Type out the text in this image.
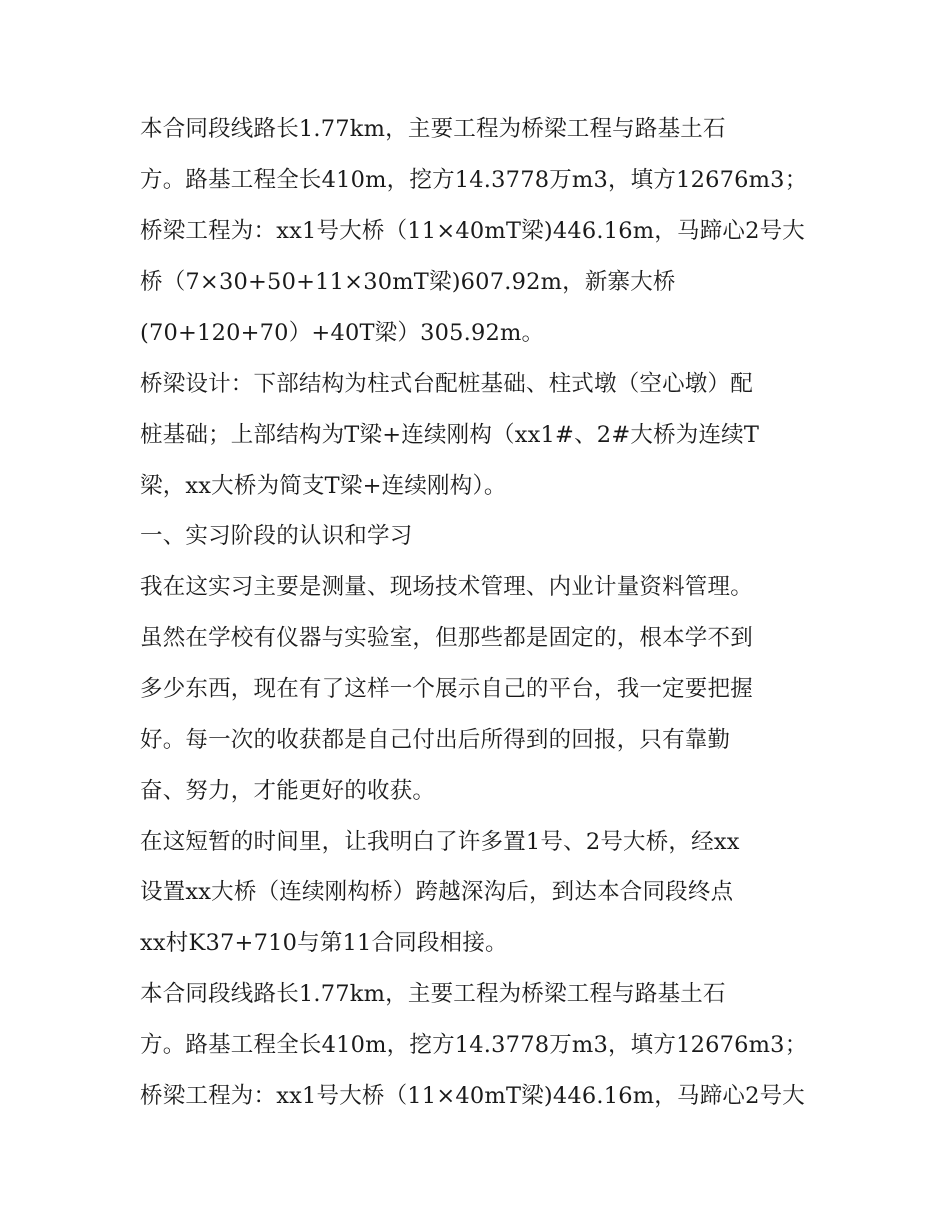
本合同段线路长1.77km，主要工程为桥梁工程与路基土石
方。路基工程全长410m，挖方14.3778万m3，填方12676m3；
桥梁工程为：xx1号大桥（11×40mT梁)446.16m，马蹄心2号大
桥（7×30+50+11×30mT梁)607.92m，新寨大桥
(70+120+70）+40T梁）305.92m。
桥梁设计：下部结构为柱式台配桩基础、柱式墩（空心墩）配
桩基础；上部结构为T梁+连续刚构（xx1#、2#大桥为连续T
梁，xx大桥为简支T梁+连续刚构）。
一、实习阶段的认识和学习
我在这实习主要是测量、现场技术管理、内业计量资料管理。
虽然在学校有仪器与实验室，但那些都是固定的，根本学不到
多少东西，现在有了这样一个展示自己的平台，我一定要把握
好。每一次的收获都是自己付出后所得到的回报，只有靠勤
奋、努力，才能更好的收获。
在这短暂的时间里，让我明白了许多置1号、2号大桥，经xx
设置xx大桥（连续刚构桥）跨越深沟后，到达本合同段终点
xx村K37+710与第11合同段相接。
本合同段线路长1.77km，主要工程为桥梁工程与路基土石
方。路基工程全长410m，挖方14.3778万m3，填方12676m3；
桥梁工程为：xx1号大桥（11×40mT梁)446.16m，马蹄心2号大
